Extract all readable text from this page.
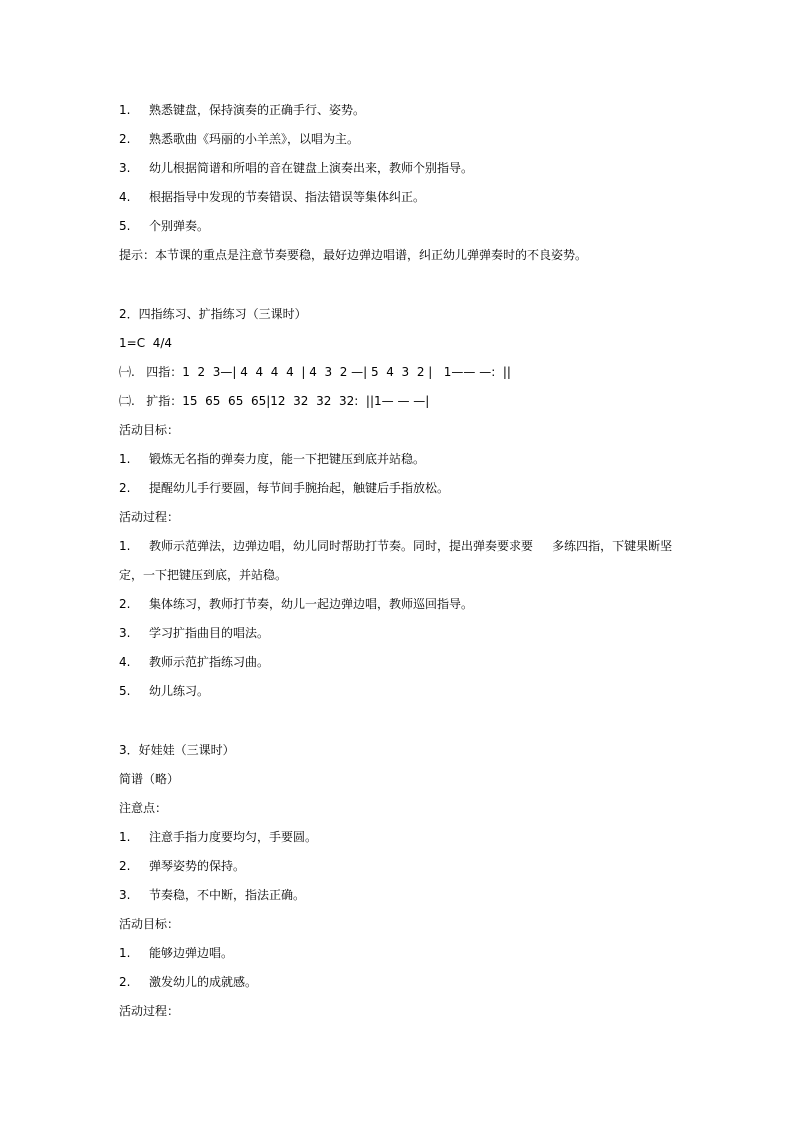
1. 熟悉键盘，保持演奏的正确手行、姿势。
2. 熟悉歌曲《玛丽的小羊羔》，以唱为主。
3. 幼儿根据简谱和所唱的音在键盘上演奏出来，教师个别指导。
4. 根据指导中发现的节奏错误、指法错误等集体纠正。
5. 个别弹奏。
提示：本节课的重点是注意节奏要稳，最好边弹边唱谱，纠正幼儿弹弹奏时的不良姿势。
2．四指练习、扩指练习（三课时）
1=C  4/4
㈠.   四指：1  2  3—| 4  4  4  4  | 4  3  2 —| 5  4  3  2 |   1—— —:  ||
㈡.   扩指：15  65  65  65|12  32  32  32:  ||1— — —|
活动目标：
1. 锻炼无名指的弹奏力度，能一下把键压到底并站稳。
2. 提醒幼儿手行要圆，每节间手腕抬起，触键后手指放松。
活动过程：
1. 教师示范弹法，边弹边唱，幼儿同时帮助打节奏。同时，提出弹奏要求要     多练四指，下键果断坚
定，一下把键压到底，并站稳。
2. 集体练习，教师打节奏，幼儿一起边弹边唱，教师巡回指导。
3. 学习扩指曲目的唱法。
4. 教师示范扩指练习曲。
5. 幼儿练习。
3．好娃娃（三课时）
简谱（略）
注意点：
1. 注意手指力度要均匀，手要圆。
2. 弹琴姿势的保持。
3. 节奏稳，不中断，指法正确。
活动目标：
1. 能够边弹边唱。
2. 激发幼儿的成就感。
活动过程：
